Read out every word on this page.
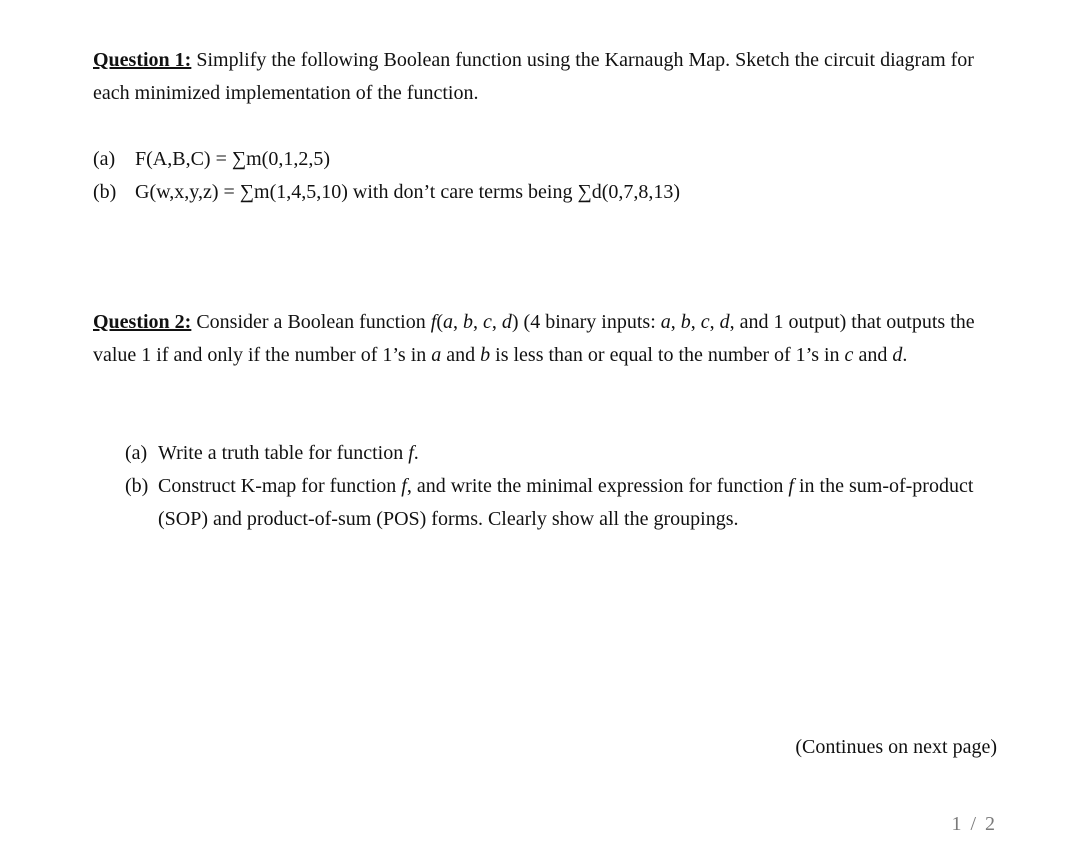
Question 1: Simplify the following Boolean function using the Karnaugh Map. Sketch the circuit diagram for each minimized implementation of the function.
(a) F(A,B,C) = ∑m(0,1,2,5)
(b) G(w,x,y,z) = ∑m(1,4,5,10) with don’t care terms being ∑d(0,7,8,13)
Question 2: Consider a Boolean function f(a, b, c, d) (4 binary inputs: a, b, c, d, and 1 output) that outputs the value 1 if and only if the number of 1’s in a and b is less than or equal to the number of 1’s in c and d.
(a) Write a truth table for function f.
(b) Construct K-map for function f, and write the minimal expression for function f in the sum-of-product (SOP) and product-of-sum (POS) forms. Clearly show all the groupings.
(Continues on next page)
1 / 2
